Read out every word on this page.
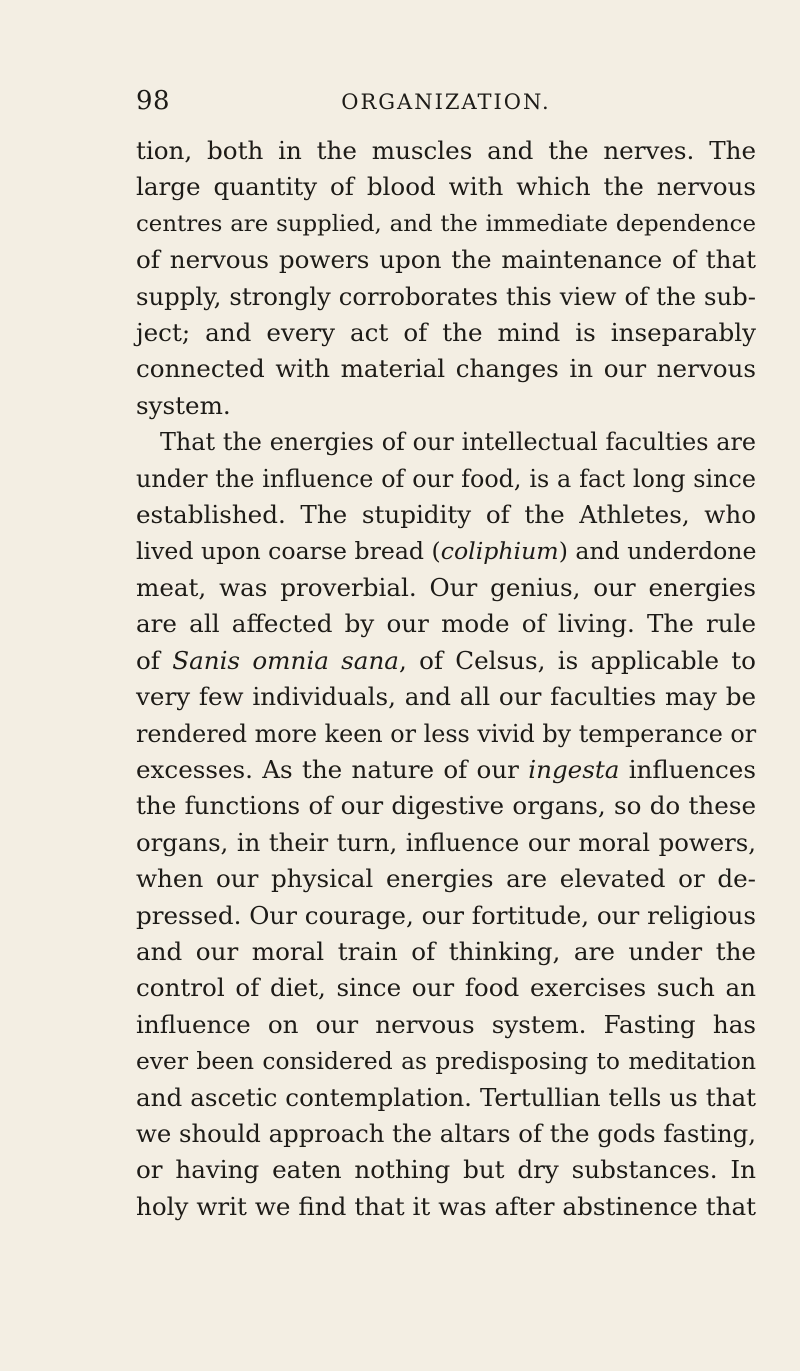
98	ORGANIZATION.
tion, both in the muscles and the nerves. The
large quantity of blood with which the nervous
centres are supplied, and the immediate dependence
of nervous powers upon the maintenance of that
supply, strongly corroborates this view of the sub-
ject; and every act of the mind is inseparably
connected with material changes in our nervous
system.
That the energies of our intellectual faculties are
under the influence of our food, is a fact long since
established. The stupidity of the Athletes, who
lived upon coarse bread (coliphium) and underdone
meat, was proverbial. Our genius, our energies
are all affected by our mode of living. The rule
of Sanis omnia sana, of Celsus, is applicable to
very few individuals, and all our faculties may be
rendered more keen or less vivid by temperance or
excesses. As the nature of our ingesta influences
the functions of our digestive organs, so do these
organs, in their turn, influence our moral powers,
when our physical energies are elevated or de-
pressed. Our courage, our fortitude, our religious
and our moral train of thinking, are under the
control of diet, since our food exercises such an
influence on our nervous system. Fasting has
ever been considered as predisposing to meditation
and ascetic contemplation. Tertullian tells us that
we should approach the altars of the gods fasting,
or having eaten nothing but dry substances. In
holy writ we find that it was after abstinence that
